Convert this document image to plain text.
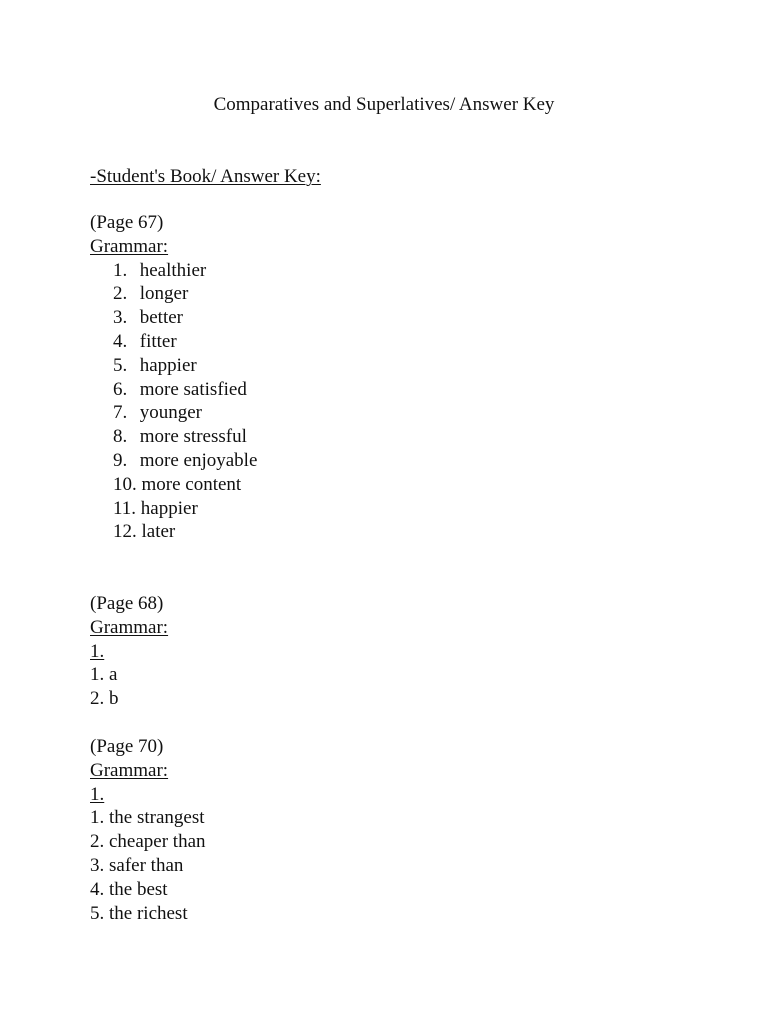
Comparatives and Superlatives/ Answer Key
-Student's Book/ Answer Key:
(Page 67)
Grammar:
1. healthier
2. longer
3. better
4. fitter
5. happier
6. more satisfied
7. younger
8. more stressful
9. more enjoyable
10. more content
11. happier
12. later
(Page 68)
Grammar:
1.
1. a
2. b
(Page 70)
Grammar:
1.
1. the strangest
2. cheaper than
3. safer than
4. the best
5. the richest
